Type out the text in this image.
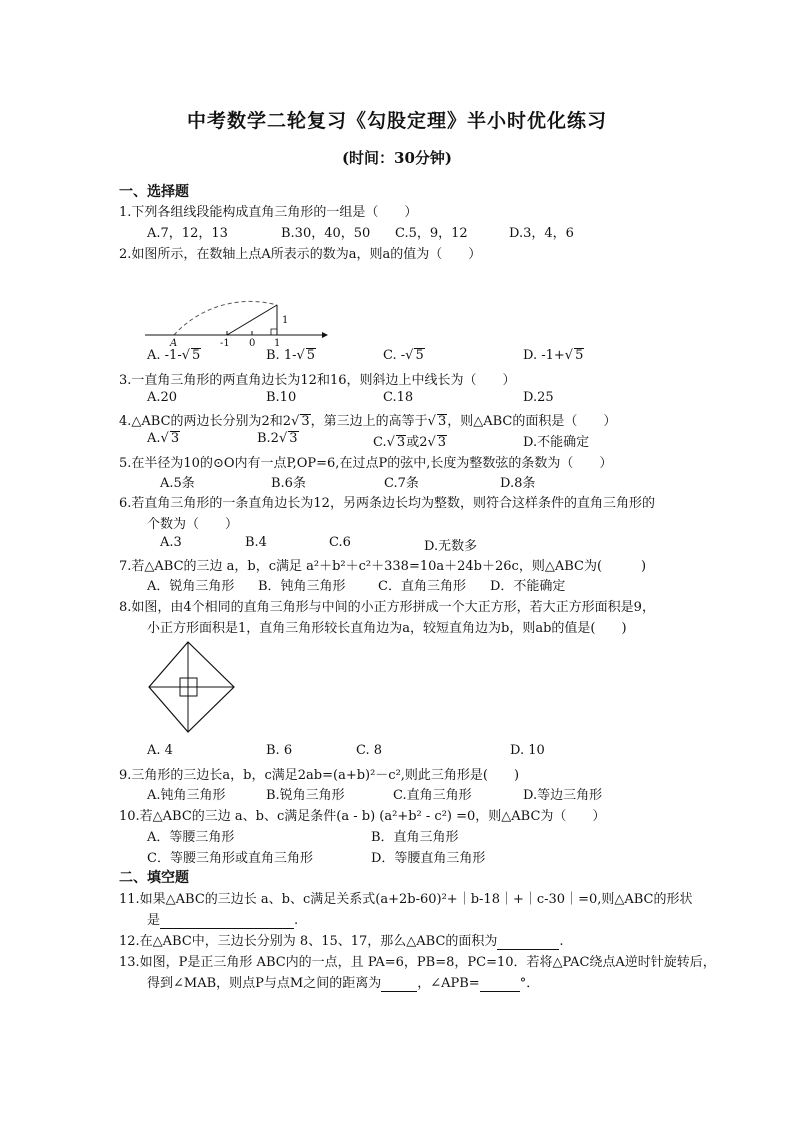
中考数学二轮复习《勾股定理》半小时优化练习
(时间：30分钟)
一、选择题
1.下列各组线段能构成直角三角形的一组是（　　）
A.7，12，13	B.30，40，50 C.5，9，12	D.3，4，6
2.如图所示，在数轴上点A所表示的数为a，则a的值为（　　）
A	-1 0 1
1
A. -1-√ 5	B. 1-√ 5	C. -√ 5	D. -1+√ 5
3.一直角三角形的两直角边长为12和16，则斜边上中线长为（　　）
A.20	B.10	C.18	D.25
4.△ABC的两边长分别为2和2√ 3，第三边上的高等于√ 3，则△ABC的面积是（　　）
A.√ 3	B.2√ 3	C.√ 3或2√ 3	D.不能确定
5.在半径为10的⊙O内有一点P,OP=6,在过点P的弦中,长度为整数弦的条数为（　　）
A.5条	B.6条	C.7条	D.8条
6.若直角三角形的一条直角边长为12，另两条边长均为整数，则符合这样条件的直角三角形的
个数为（　　）
A.3	B.4	C.6	D.无数多
7.若△ABC的三边 a，b，c满足 a²＋b²＋c²＋338=10a＋24b＋26c，则△ABC为(　　　)
A．锐角三角形 B．钝角三角形 C．直角三角形 D．不能确定
8.如图，由4个相同的直角三角形与中间的小正方形拼成一个大正方形，若大正方形面积是9，
小正方形面积是1，直角三角形较长直角边为a，较短直角边为b，则ab的值是(　　)
A. 4	B. 6	C. 8	D. 10
9.三角形的三边长a，b，c满足2ab=(a+b)²－c²,则此三角形是(　　)
A.钝角三角形	B.锐角三角形	C.直角三角形	D.等边三角形
10.若△ABC的三边 a、b、c满足条件(a - b) (a²+b² - c²) =0，则△ABC为（　　）
A．等腰三角形	B．直角三角形
C．等腰三角形或直角三角形	D．等腰直角三角形
二、填空题
11.如果△ABC的三边长 a、b、c满足关系式(a+2b-60)²+｜b-18｜+｜c-30｜=0,则△ABC的形状
是	.
12.在△ABC中，三边长分别为 8、15、17，那么△ABC的面积为	.
13.如图，P是正三角形 ABC内的一点，且 PA=6，PB=8，PC=10．若将△PAC绕点A逆时针旋转后，
得到∠MAB，则点P与点M之间的距离为	，∠APB=	°．
